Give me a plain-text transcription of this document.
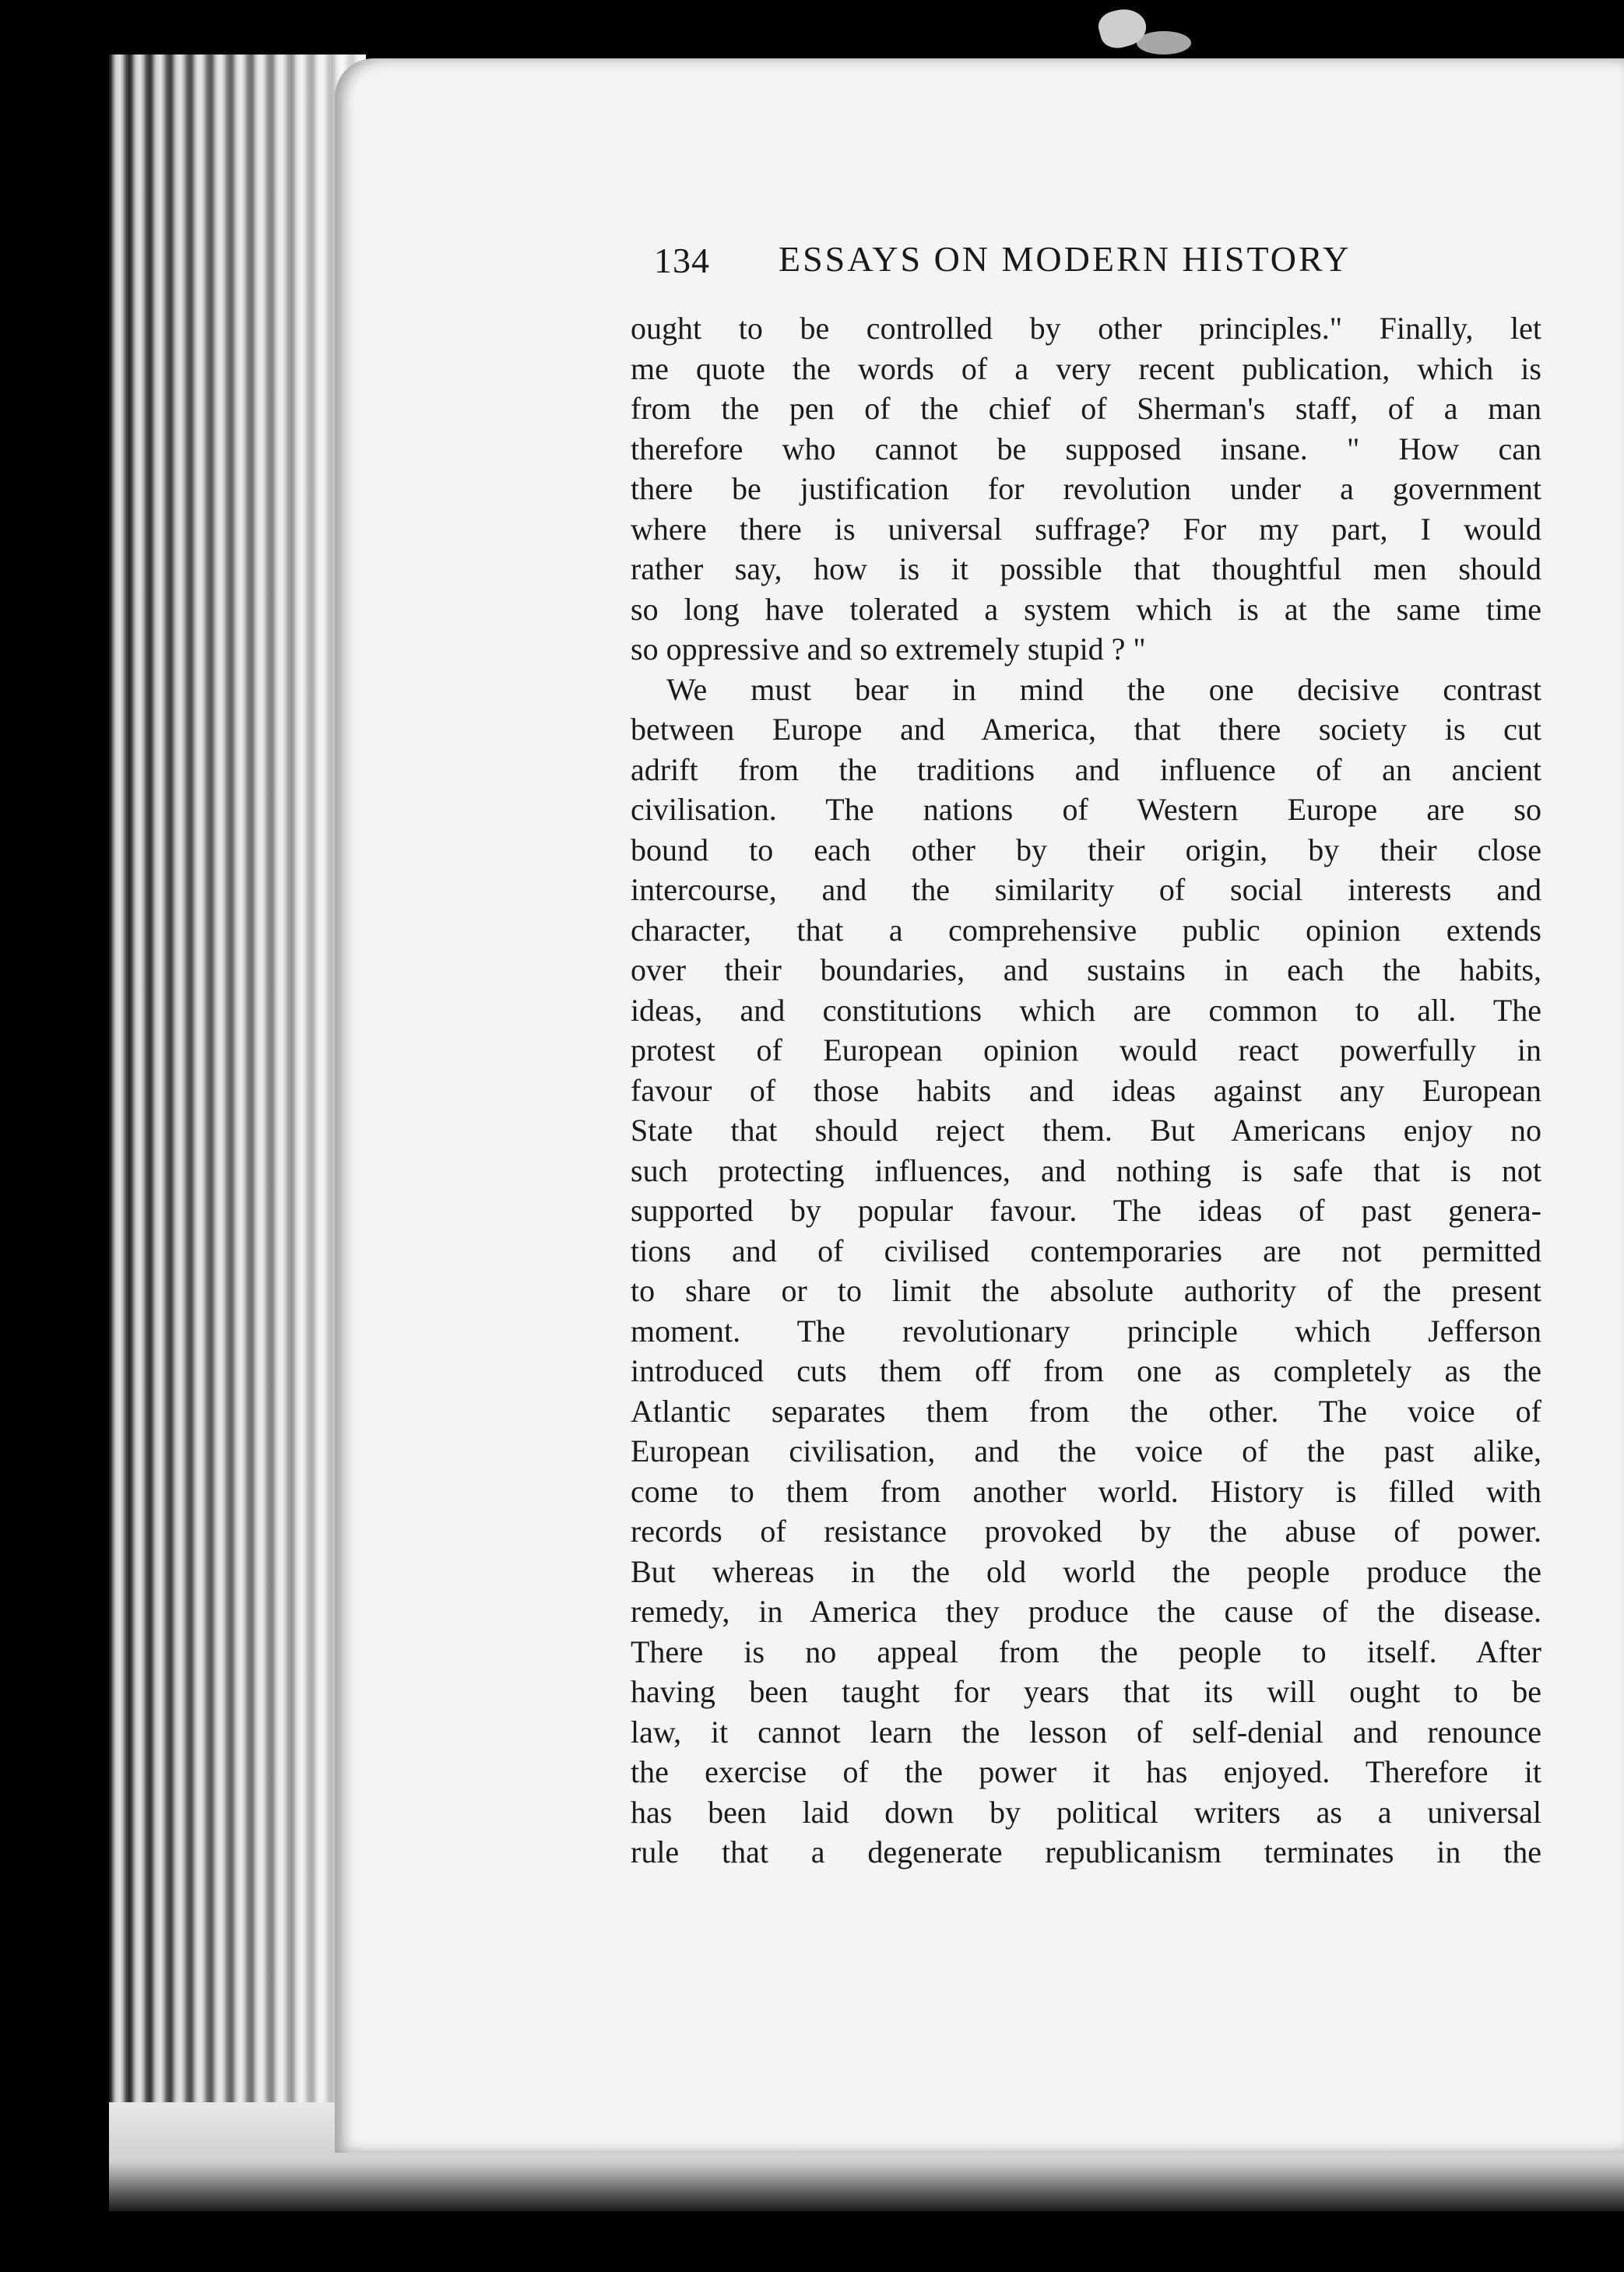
134 ESSAYS ON MODERN HISTORY
ought to be controlled by other principles." Finally, let
me quote the words of a very recent publication, which is
from the pen of the chief of Sherman's staff, of a man
therefore who cannot be supposed insane. " How can
there be justification for revolution under a government
where there is universal suffrage? For my part, I would
rather say, how is it possible that thoughtful men should
so long have tolerated a system which is at the same time
so oppressive and so extremely stupid ? "
We must bear in mind the one decisive contrast
between Europe and America, that there society is cut
adrift from the traditions and influence of an ancient
civilisation. The nations of Western Europe are so
bound to each other by their origin, by their close
intercourse, and the similarity of social interests and
character, that a comprehensive public opinion extends
over their boundaries, and sustains in each the habits,
ideas, and constitutions which are common to all. The
protest of European opinion would react powerfully in
favour of those habits and ideas against any European
State that should reject them. But Americans enjoy no
such protecting influences, and nothing is safe that is not
supported by popular favour. The ideas of past genera-
tions and of civilised contemporaries are not permitted
to share or to limit the absolute authority of the present
moment. The revolutionary principle which Jefferson
introduced cuts them off from one as completely as the
Atlantic separates them from the other. The voice of
European civilisation, and the voice of the past alike,
come to them from another world. History is filled with
records of resistance provoked by the abuse of power.
But whereas in the old world the people produce the
remedy, in America they produce the cause of the disease.
There is no appeal from the people to itself. After
having been taught for years that its will ought to be
law, it cannot learn the lesson of self-denial and renounce
the exercise of the power it has enjoyed. Therefore it
has been laid down by political writers as a universal
rule that a degenerate republicanism terminates in the
